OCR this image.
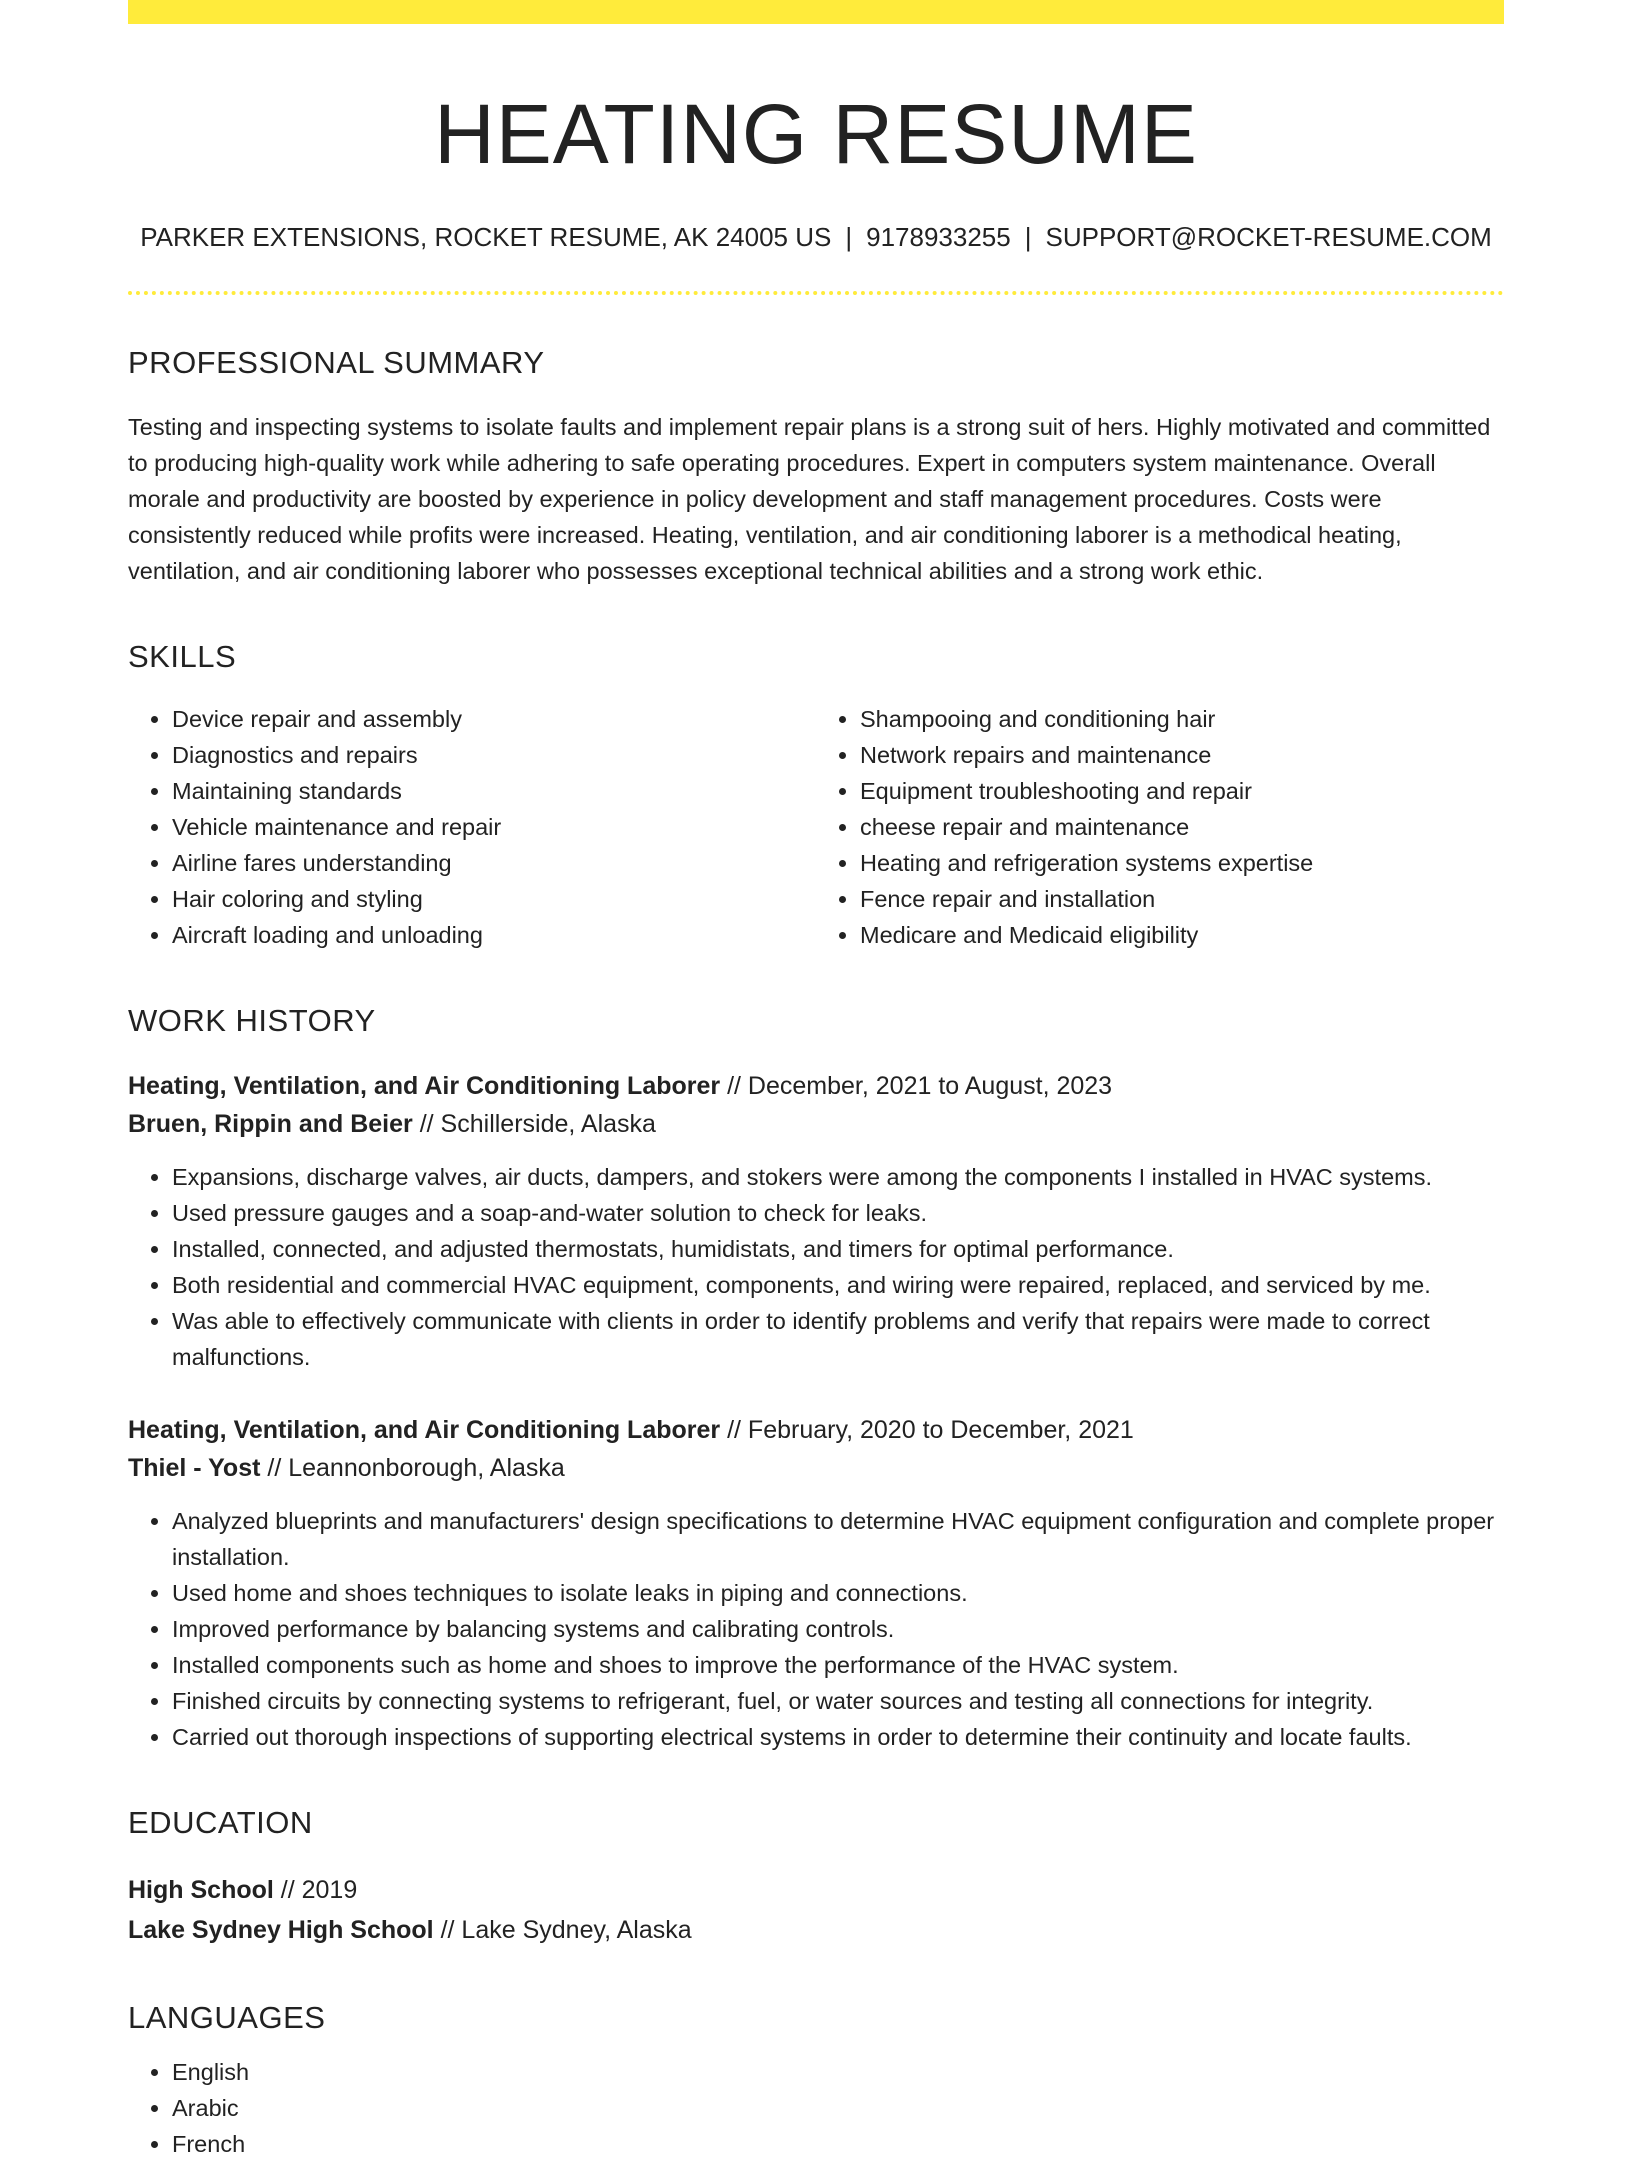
HEATING RESUME
PARKER EXTENSIONS, ROCKET RESUME, AK 24005 US | 9178933255 | SUPPORT@ROCKET-RESUME.COM
PROFESSIONAL SUMMARY

Testing and inspecting systems to isolate faults and implement repair plans is a strong suit of hers. Highly motivated and committed to producing high-quality work while adhering to safe operating procedures. Expert in computers system maintenance. Overall morale and productivity are boosted by experience in policy development and staff management procedures. Costs were consistently reduced while profits were increased. Heating, ventilation, and air conditioning laborer is a methodical heating, ventilation, and air conditioning laborer who possesses exceptional technical abilities and a strong work ethic.

SKILLS
• Device repair and assembly
• Diagnostics and repairs
• Maintaining standards
• Vehicle maintenance and repair
• Airline fares understanding
• Hair coloring and styling
• Aircraft loading and unloading
• Shampooing and conditioning hair
• Network repairs and maintenance
• Equipment troubleshooting and repair
• cheese repair and maintenance
• Heating and refrigeration systems expertise
• Fence repair and installation
• Medicare and Medicaid eligibility
WORK HISTORY

Heating, Ventilation, and Air Conditioning Laborer // December, 2021 to August, 2023

Bruen, Rippin and Beier // Schillerside, Alaska

• Expansions, discharge valves, air ducts, dampers, and stokers were among the components I installed in HVAC systems.
• Used pressure gauges and a soap-and-water solution to check for leaks.
• Installed, connected, and adjusted thermostats, humidistats, and timers for optimal performance.
• Both residential and commercial HVAC equipment, components, and wiring were repaired, replaced, and serviced by me.
• Was able to effectively communicate with clients in order to identify problems and verify that repairs were made to correct malfunctions.

Heating, Ventilation, and Air Conditioning Laborer // February, 2020 to December, 2021

Thiel - Yost // Leannonborough, Alaska

• Analyzed blueprints and manufacturers' design specifications to determine HVAC equipment configuration and complete proper installation.
• Used home and shoes techniques to isolate leaks in piping and connections.
• Improved performance by balancing systems and calibrating controls.
• Installed components such as home and shoes to improve the performance of the HVAC system.
• Finished circuits by connecting systems to refrigerant, fuel, or water sources and testing all connections for integrity.
• Carried out thorough inspections of supporting electrical systems in order to determine their continuity and locate faults.
EDUCATION

High School // 2019

Lake Sydney High School // Lake Sydney, Alaska

LANGUAGES
• English
• Arabic
• French
